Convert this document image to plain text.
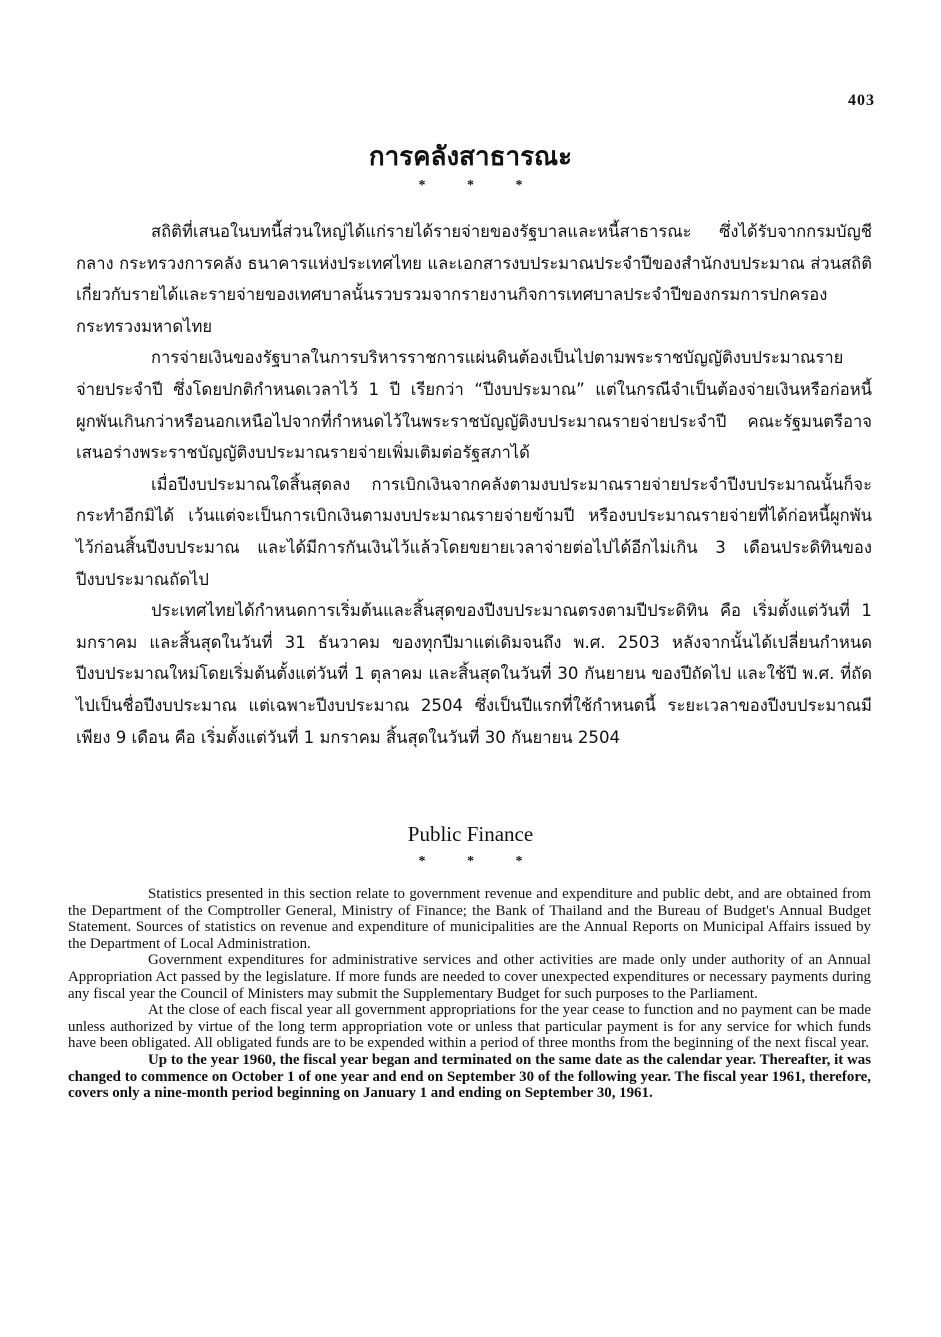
403
การคลังสาธารณะ
* * *

สถิติที่เสนอในบทนี้ส่วนใหญ่ได้แก่รายได้รายจ่ายของรัฐบาลและหนี้สาธารณะ ซึ่งได้รับจากกรมบัญชีกลาง กระทรวงการคลัง ธนาคารแห่งประเทศไทย และเอกสารงบประมาณประจำปีของสำนักงบประมาณ ส่วนสถิติเกี่ยวกับรายได้และรายจ่ายของเทศบาลนั้นรวบรวมจากรายงานกิจการเทศบาลประจำปีของกรมการปกครอง กระทรวงมหาดไทย

การจ่ายเงินของรัฐบาลในการบริหารราชการแผ่นดินต้องเป็นไปตามพระราชบัญญัติงบประมาณรายจ่ายประจำปี ซึ่งโดยปกติกำหนดเวลาไว้ 1 ปี เรียกว่า “ปีงบประมาณ” แต่ในกรณีจำเป็นต้องจ่ายเงินหรือก่อหนี้ผูกพันเกินกว่าหรือนอกเหนือไปจากที่กำหนดไว้ในพระราชบัญญัติงบประมาณรายจ่ายประจำปี คณะรัฐมนตรีอาจเสนอร่างพระราชบัญญัติงบประมาณรายจ่ายเพิ่มเติมต่อรัฐสภาได้

เมื่อปีงบประมาณใดสิ้นสุดลง การเบิกเงินจากคลังตามงบประมาณรายจ่ายประจำปีงบประมาณนั้นก็จะกระทำอีกมิได้ เว้นแต่จะเป็นการเบิกเงินตามงบประมาณรายจ่ายข้ามปี หรืองบประมาณรายจ่ายที่ได้ก่อหนี้ผูกพันไว้ก่อนสิ้นปีงบประมาณ และได้มีการกันเงินไว้แล้วโดยขยายเวลาจ่ายต่อไปได้อีกไม่เกิน 3 เดือนประดิทินของปีงบประมาณถัดไป

ประเทศไทยได้กำหนดการเริ่มต้นและสิ้นสุดของปีงบประมาณตรงตามปีประดิทิน คือ เริ่มตั้งแต่วันที่ 1 มกราคม และสิ้นสุดในวันที่ 31 ธันวาคม ของทุกปีมาแต่เดิมจนถึง พ.ศ. 2503 หลังจากนั้นได้เปลี่ยนกำหนดปีงบประมาณใหม่โดยเริ่มต้นตั้งแต่วันที่ 1 ตุลาคม และสิ้นสุดในวันที่ 30 กันยายน ของปีถัดไป และใช้ปี พ.ศ. ที่ถัดไปเป็นชื่อปีงบประมาณ แต่เฉพาะปีงบประมาณ 2504 ซึ่งเป็นปีแรกที่ใช้กำหนดนี้ ระยะเวลาของปีงบประมาณมีเพียง 9 เดือน คือ เริ่มตั้งแต่วันที่ 1 มกราคม สิ้นสุดในวันที่ 30 กันยายน 2504

Public Finance
* * *

Statistics presented in this section relate to government revenue and expenditure and public debt, and are obtained from the Department of the Comptroller General, Ministry of Finance; the Bank of Thailand and the Bureau of Budget's Annual Budget Statement. Sources of statistics on revenue and expenditure of municipalities are the Annual Reports on Municipal Affairs issued by the Department of Local Administration.

Government expenditures for administrative services and other activities are made only under authority of an Annual Appropriation Act passed by the legislature. If more funds are needed to cover unexpected expenditures or necessary payments during any fiscal year the Council of Ministers may submit the Supplementary Budget for such purposes to the Parliament.

At the close of each fiscal year all government appropriations for the year cease to function and no payment can be made unless authorized by virtue of the long term appropriation vote or unless that particular payment is for any service for which funds have been obligated. All obligated funds are to be expended within a period of three months from the beginning of the next fiscal year.

Up to the year 1960, the fiscal year began and terminated on the same date as the calendar year. Thereafter, it was changed to commence on October 1 of one year and end on September 30 of the following year. The fiscal year 1961, therefore, covers only a nine-month period beginning on January 1 and ending on September 30, 1961.
